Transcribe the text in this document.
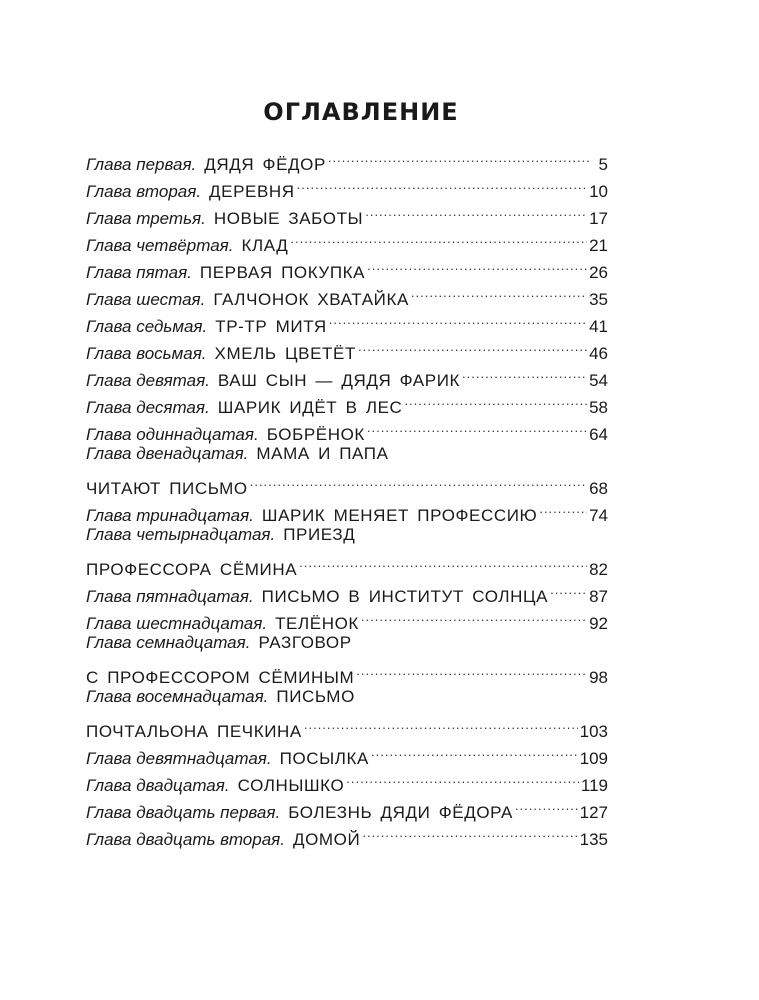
ОГЛАВЛЕНИЕ
Глава первая. ДЯДЯ ФЁДОР .....	5
Глава вторая. ДЕРЕВНЯ .....	10
Глава третья. НОВЫЕ ЗАБОТЫ .....	17
Глава четвёртая. КЛАД .....	21
Глава пятая. ПЕРВАЯ ПОКУПКА .....	26
Глава шестая. ГАЛЧОНОК ХВАТАЙКА .....	35
Глава седьмая. ТР-ТР МИТЯ .....	41
Глава восьмая. ХМЕЛЬ ЦВЕТЁТ .....	46
Глава девятая. ВАШ СЫН — ДЯДЯ ФАРИК .....	54
Глава десятая. ШАРИК ИДЁТ В ЛЕС .....	58
Глава одиннадцатая. БОБРЁНОК .....	64
Глава двенадцатая. МАМА И ПАПА
ЧИТАЮТ ПИСЬМО .....	68
Глава тринадцатая. ШАРИК МЕНЯЕТ ПРОФЕССИЮ .....	74
Глава четырнадцатая. ПРИЕЗД
ПРОФЕССОРА СЁМИНА .....	82
Глава пятнадцатая. ПИСЬМО В ИНСТИТУТ СОЛНЦА ..... 87
Глава шестнадцатая. ТЕЛЁНОК .....	92
Глава семнадцатая. РАЗГОВОР
С ПРОФЕССОРОМ СЁМИНЫМ .....	98
Глава восемнадцатая. ПИСЬМО
ПОЧТАЛЬОНА ПЕЧКИНА .....	103
Глава девятнадцатая. ПОСЫЛКА .....	109
Глава двадцатая. СОЛНЫШКО .....	119
Глава двадцать первая. БОЛЕЗНЬ ДЯДИ ФЁДОРА .....	127
Глава двадцать вторая. ДОМОЙ .....	135
